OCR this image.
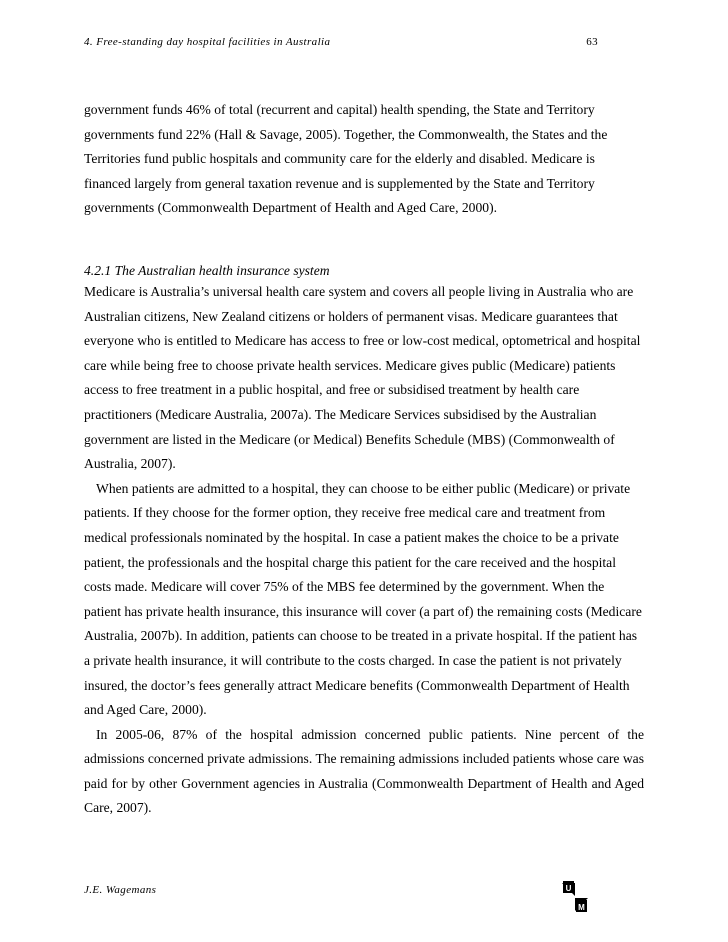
4. Free-standing day hospital facilities in Australia	63

government funds 46% of total (recurrent and capital) health spending, the State and Territory governments fund 22% (Hall & Savage, 2005). Together, the Commonwealth, the States and the Territories fund public hospitals and community care for the elderly and disabled. Medicare is financed largely from general taxation revenue and is supplemented by the State and Territory governments (Commonwealth Department of Health and Aged Care, 2000).

4.2.1 The Australian health insurance system

Medicare is Australia’s universal health care system and covers all people living in Australia who are Australian citizens, New Zealand citizens or holders of permanent visas. Medicare guarantees that everyone who is entitled to Medicare has access to free or low-cost medical, optometrical and hospital care while being free to choose private health services. Medicare gives public (Medicare) patients access to free treatment in a public hospital, and free or subsidised treatment by health care practitioners (Medicare Australia, 2007a). The Medicare Services subsidised by the Australian government are listed in the Medicare (or Medical) Benefits Schedule (MBS) (Commonwealth of Australia, 2007).

When patients are admitted to a hospital, they can choose to be either public (Medicare) or private patients. If they choose for the former option, they receive free medical care and treatment from medical professionals nominated by the hospital. In case a patient makes the choice to be a private patient, the professionals and the hospital charge this patient for the care received and the hospital costs made. Medicare will cover 75% of the MBS fee determined by the government. When the patient has private health insurance, this insurance will cover (a part of) the remaining costs (Medicare Australia, 2007b). In addition, patients can choose to be treated in a private hospital. If the patient has a private health insurance, it will contribute to the costs charged. In case the patient is not privately insured, the doctor’s fees generally attract Medicare benefits (Commonwealth Department of Health and Aged Care, 2000).

In 2005-06, 87% of the hospital admission concerned public patients. Nine percent of the admissions concerned private admissions. The remaining admissions included patients whose care was paid for by other Government agencies in Australia (Commonwealth Department of Health and Aged Care, 2007).

J.E. Wagemans	U
M
